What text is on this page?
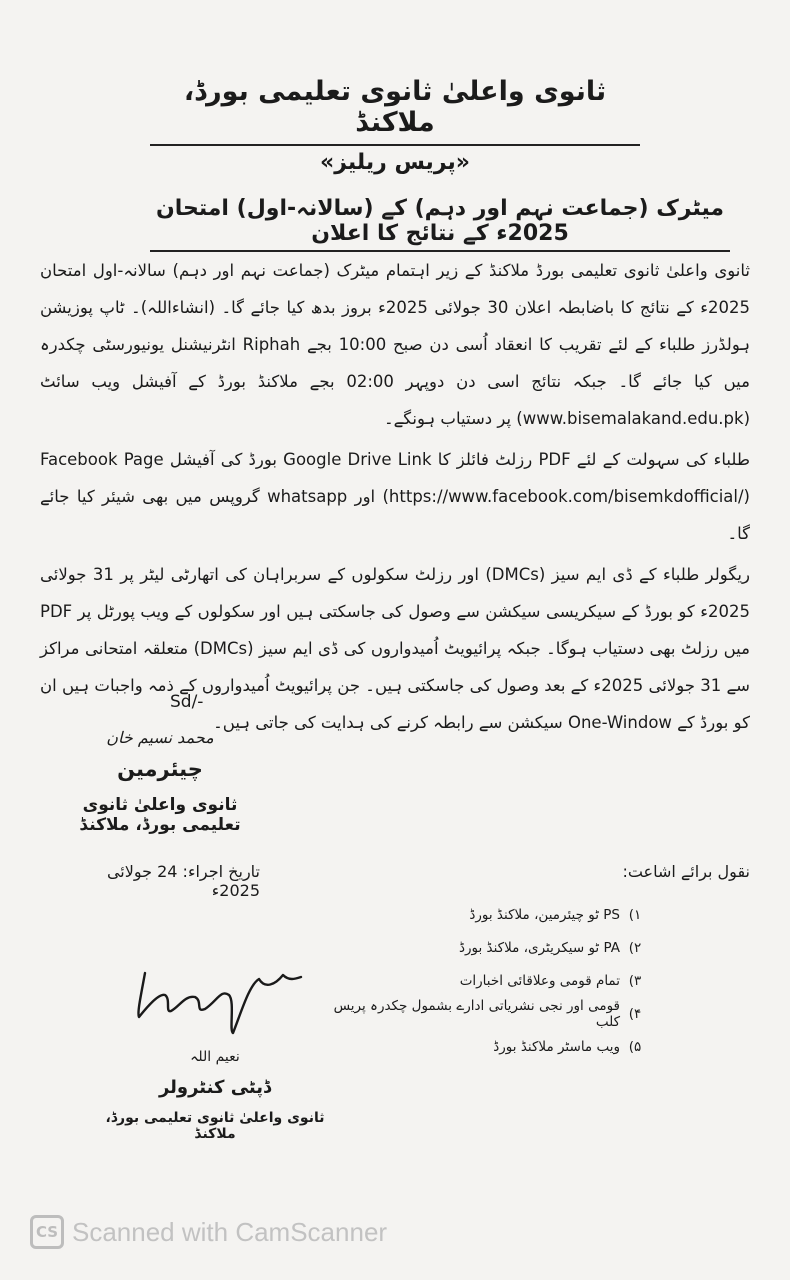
ثانوی واعلیٰ ثانوی تعلیمی بورڈ، ملاکنڈ
«پریس ریلیز»
میٹرک (جماعت نہم اور دہم) کے (سالانہ-اول) امتحان 2025ء کے نتائج کا اعلان

ثانوی واعلیٰ ثانوی تعلیمی بورڈ ملاکنڈ کے زیر اہتمام میٹرک (جماعت نہم اور دہم) سالانہ-اول امتحان 2025ء کے نتائج کا باضابطہ اعلان 30 جولائی 2025ء بروز بدھ کیا جائے گا۔ (انشاءاللہ)۔ ٹاپ پوزیشن ہولڈرز طلباء کے لئے تقریب کا انعقاد اُسی دن صبح 10:00 بجے Riphah انٹرنیشنل یونیورسٹی چکدرہ میں کیا جائے گا۔ جبکہ نتائج اسی دن دوپہر 02:00 بجے ملاکنڈ بورڈ کے آفیشل ویب سائٹ (www.bisemalakand.edu.pk) پر دستیاب ہونگے۔

طلباء کی سہولت کے لئے PDF رزلٹ فائلز کا Google Drive Link بورڈ کی آفیشل Facebook Page (https://www.facebook.com/bisemkdofficial/) اور whatsapp گروپس میں بھی شیئر کیا جائے گا۔

ریگولر طلباء کے ڈی ایم سیز (DMCs) اور رزلٹ سکولوں کے سربراہان کی اتھارٹی لیٹر پر 31 جولائی 2025ء کو بورڈ کے سیکریسی سیکشن سے وصول کی جاسکتی ہیں اور سکولوں کے ویب پورٹل پر PDF میں رزلٹ بھی دستیاب ہوگا۔ جبکہ پرائیویٹ اُمیدواروں کی ڈی ایم سیز (DMCs) متعلقہ امتحانی مراکز سے 31 جولائی 2025ء کے بعد وصول کی جاسکتی ہیں۔ جن پرائیویٹ اُمیدواروں کے ذمہ واجبات ہیں ان کو بورڈ کے One-Window سیکشن سے رابطہ کرنے کی ہدایت کی جاتی ہیں۔

Sd/-
محمد نسیم خان
چیئرمین
ثانوی واعلیٰ ثانوی تعلیمی بورڈ، ملاکنڈ
تاریخ اجراء: 24 جولائی 2025ء
نقول برائے اشاعت:
۱)
PS ٹو چیئرمین، ملاکنڈ بورڈ
۲)
PA ٹو سیکریٹری، ملاکنڈ بورڈ
۳)
تمام قومی وعلاقائی اخبارات
۴)
قومی اور نجی نشریاتی ادارے بشمول چکدرہ پریس کلب
۵)
ویب ماسٹر ملاکنڈ بورڈ
نعیم اللہ
ڈپٹی کنٹرولر
ثانوی واعلیٰ ثانوی تعلیمی بورڈ، ملاکنڈ
CS Scanned with CamScanner
